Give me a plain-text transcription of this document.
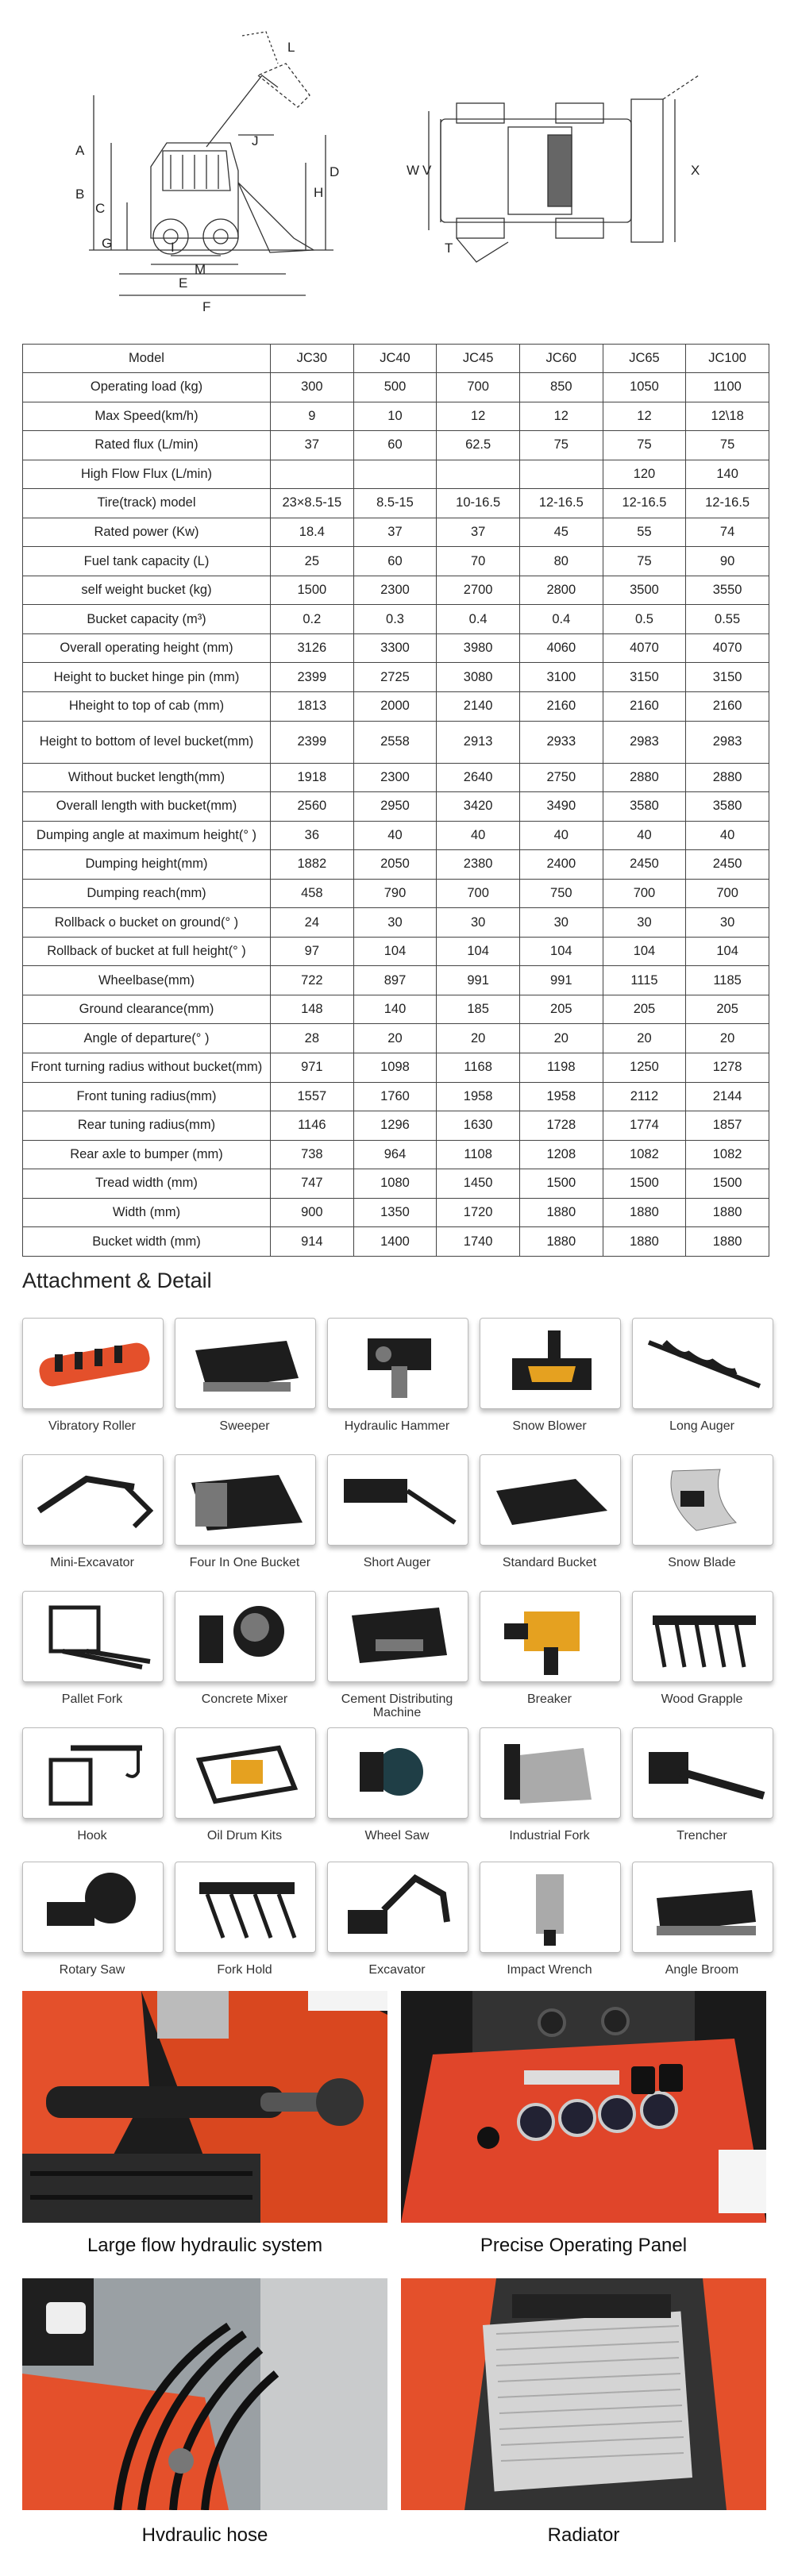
A
B
C
D
E
F
G
H
I
J
L
M
W V	X
T
Model	JC30	JC40	JC45	JC60	JC65	JC100
Operating load (kg)	300	500	700	850	1050	1100
Max Speed(km/h)	9	10	12	12	12	12\18
Rated flux (L/min)	37	60	62.5	75	75	75
High Flow Flux (L/min)					120	140
Tire(track) model	23×8.5-15	8.5-15	10-16.5	12-16.5	12-16.5	12-16.5
Rated power (Kw)	18.4	37	37	45	55	74
Fuel tank capacity (L)	25	60	70	80	75	90
self weight bucket (kg)	1500	2300	2700	2800	3500	3550
Bucket capacity (m³)	0.2	0.3	0.4	0.4	0.5	0.55
Overall operating height (mm)	3126	3300	3980	4060	4070	4070
Height to bucket hinge pin (mm)	2399	2725	3080	3100	3150	3150
Hheight to top of cab (mm)	1813	2000	2140	2160	2160	2160
Height to bottom of level bucket(mm)	2399	2558	2913	2933	2983	2983
Without bucket length(mm)	1918	2300	2640	2750	2880	2880
Overall length with bucket(mm)	2560	2950	3420	3490	3580	3580
Dumping angle at maximum height(° )	36	40	40	40	40	40
Dumping height(mm)	1882	2050	2380	2400	2450	2450
Dumping reach(mm)	458	790	700	750	700	700
Rollback o bucket on ground(° )	24	30	30	30	30	30
Rollback of bucket at full height(° )	97	104	104	104	104	104
Wheelbase(mm)	722	897	991	991	1115	1185
Ground clearance(mm)	148	140	185	205	205	205
Angle of departure(° )	28	20	20	20	20	20
Front turning radius without bucket(mm)	971	1098	1168	1198	1250	1278
Front tuning radius(mm)	1557	1760	1958	1958	2112	2144
Rear tuning radius(mm)	1146	1296	1630	1728	1774	1857
Rear axle to bumper (mm)	738	964	1108	1208	1082	1082
Tread width (mm)	747	1080	1450	1500	1500	1500
Width (mm)	900	1350	1720	1880	1880	1880
Bucket width (mm)	914	1400	1740	1880	1880	1880
Attachment & Detail
Vibratory Roller	Sweeper	Hydraulic Hammer	Snow Blower	Long Auger
Mini-Excavator	Four In One Bucket	Short Auger	Standard Bucket	Snow Blade
Pallet Fork	Concrete Mixer	Cement Distributing Machine
Breaker	Wood Grapple
Hook	Oil Drum Kits	Wheel Saw	Industrial Fork	Trencher
Rotary Saw	Fork Hold	Excavator	Impact Wrench	Angle Broom
Large flow hydraulic system	Precise Operating Panel
Hvdraulic hose	Radiator
